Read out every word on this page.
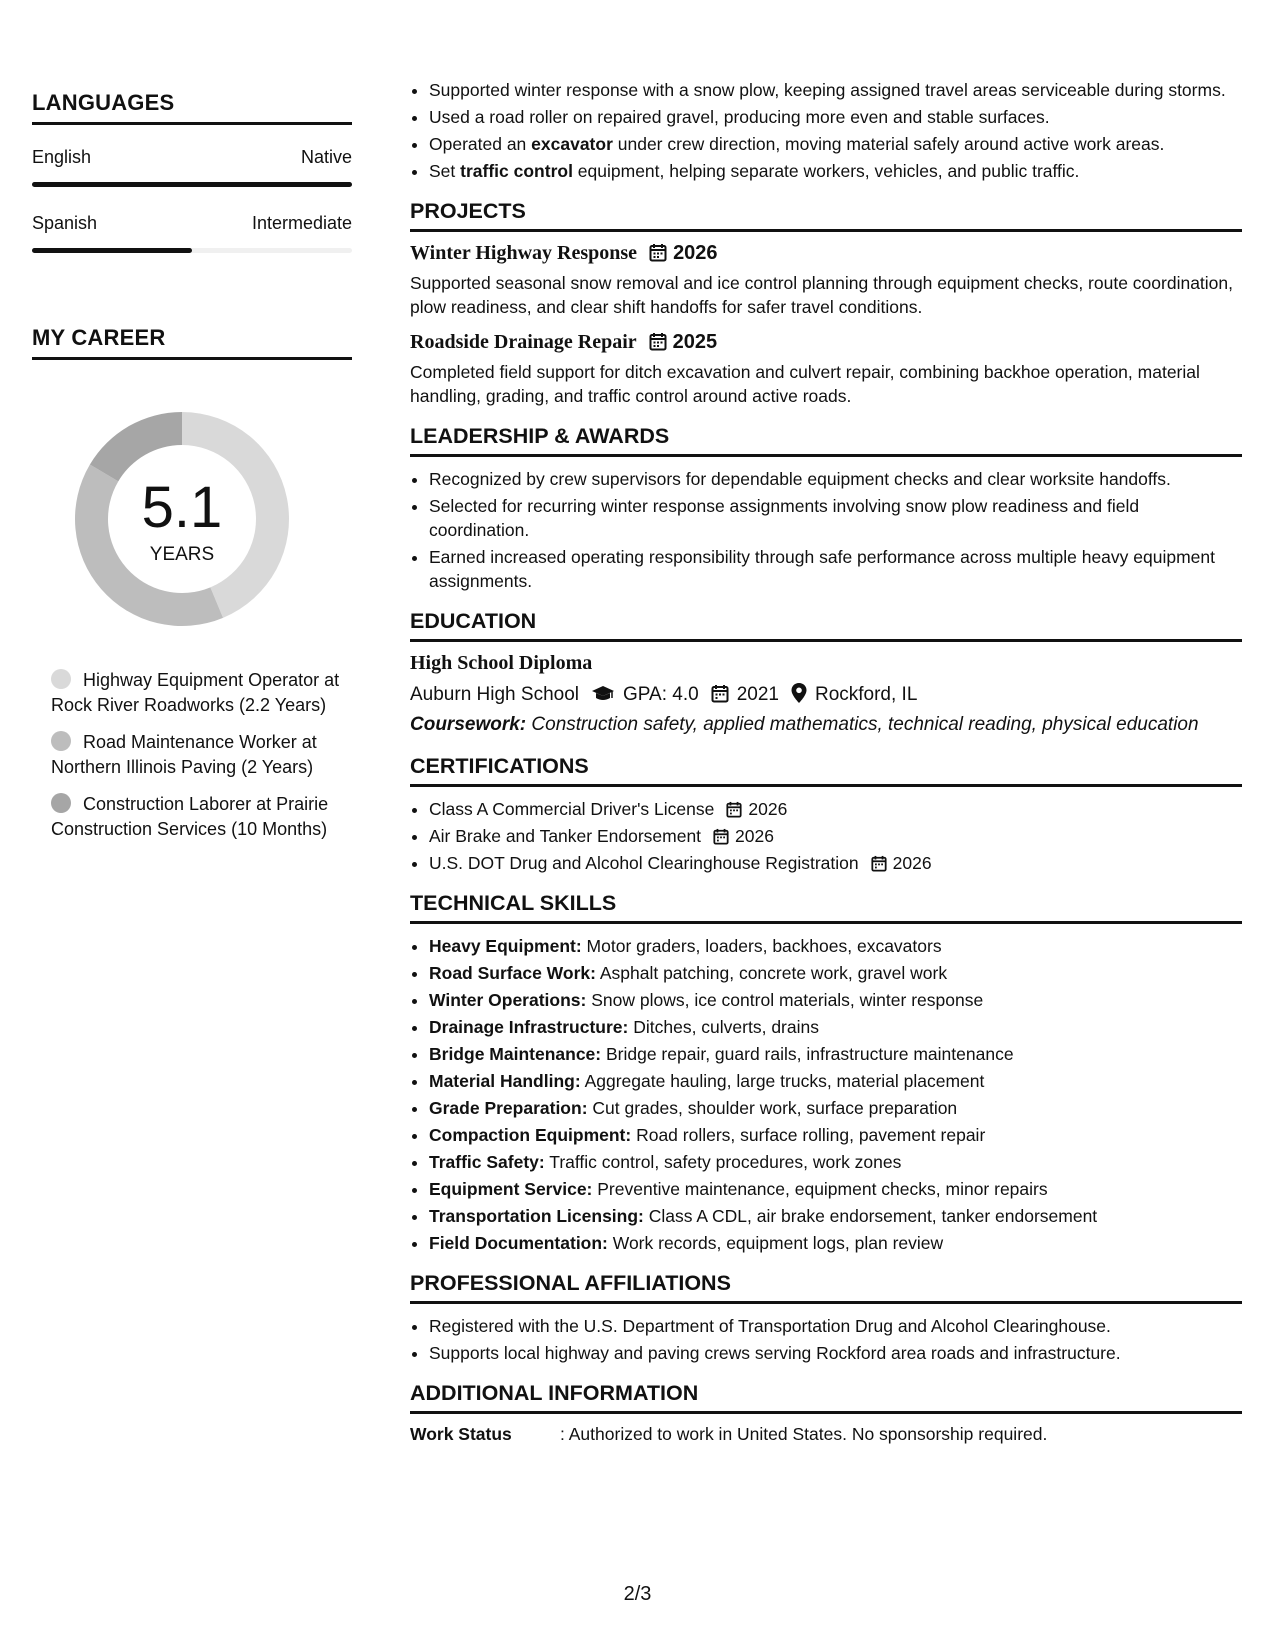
LANGUAGES
English	Native
Spanish	Intermediate
MY CAREER
5.1
YEARS
Highway Equipment Operator at Rock River Roadworks (2.2 Years)
Road Maintenance Worker at Northern Illinois Paving (2 Years)
Construction Laborer at Prairie Construction Services (10 Months)
• Supported winter response with a snow plow, keeping assigned travel areas serviceable during storms.
• Used a road roller on repaired gravel, producing more even and stable surfaces.
• Operated an excavator under crew direction, moving material safely around active work areas.
• Set traffic control equipment, helping separate workers, vehicles, and public traffic.
PROJECTS
Winter Highway Response 2026
Supported seasonal snow removal and ice control planning through equipment checks, route coordination, plow readiness, and clear shift handoffs for safer travel conditions.
Roadside Drainage Repair 2025
Completed field support for ditch excavation and culvert repair, combining backhoe operation, material handling, grading, and traffic control around active roads.
LEADERSHIP & AWARDS
• Recognized by crew supervisors for dependable equipment checks and clear worksite handoffs.
• Selected for recurring winter response assignments involving snow plow readiness and field coordination.
• Earned increased operating responsibility through safe performance across multiple heavy equipment assignments.
EDUCATION
High School Diploma
Auburn High School GPA: 4.0 2021 Rockford, IL
Coursework: Construction safety, applied mathematics, technical reading, physical education
CERTIFICATIONS
• Class A Commercial Driver's License 2026
• Air Brake and Tanker Endorsement 2026
• U.S. DOT Drug and Alcohol Clearinghouse Registration 2026
TECHNICAL SKILLS
• Heavy Equipment: Motor graders, loaders, backhoes, excavators
• Road Surface Work: Asphalt patching, concrete work, gravel work
• Winter Operations: Snow plows, ice control materials, winter response
• Drainage Infrastructure: Ditches, culverts, drains
• Bridge Maintenance: Bridge repair, guard rails, infrastructure maintenance
• Material Handling: Aggregate hauling, large trucks, material placement
• Grade Preparation: Cut grades, shoulder work, surface preparation
• Compaction Equipment: Road rollers, surface rolling, pavement repair
• Traffic Safety: Traffic control, safety procedures, work zones
• Equipment Service: Preventive maintenance, equipment checks, minor repairs
• Transportation Licensing: Class A CDL, air brake endorsement, tanker endorsement
• Field Documentation: Work records, equipment logs, plan review
PROFESSIONAL AFFILIATIONS
• Registered with the U.S. Department of Transportation Drug and Alcohol Clearinghouse.
• Supports local highway and paving crews serving Rockford area roads and infrastructure.
ADDITIONAL INFORMATION
Work Status	: Authorized to work in United States. No sponsorship required.
2/3
